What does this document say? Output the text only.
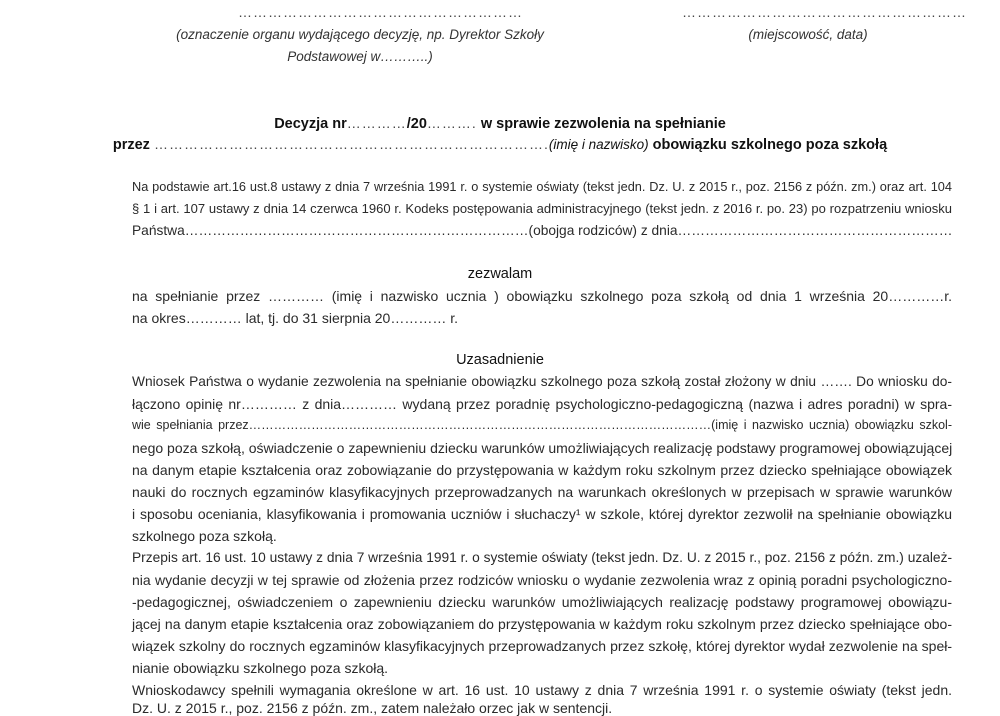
…………………………………………………
(oznaczenie organu wydającego decyzję, np. Dyrektor Szkoły
Podstawowej w………..)
…………………………………………………
(miejscowość, data)
Decyzja nr…………/20………. w sprawie zezwolenia na spełnianie
przez …………………………………………………………………….(imię i nazwisko) obowiązku szkolnego poza szkołą
Na podstawie art.16 ust.8 ustawy z dnia 7 września 1991 r. o systemie oświaty (tekst jedn. Dz. U. z 2015 r., poz. 2156 z późn. zm.) oraz art. 104
§ 1 i art. 107 ustawy z dnia 14 czerwca 1960 r. Kodeks postępowania administracyjnego (tekst jedn. z 2016 r. po. 23) po rozpatrzeniu wniosku
Państwa…………………………………………………………………(obojga rodziców) z dnia……………………………………………………
zezwalam
na spełnianie przez ………… (imię i nazwisko ucznia ) obowiązku szkolnego poza szkołą od dnia 1 września 20…………r.
na okres………… lat, tj. do 31 sierpnia 20………… r.
Uzasadnienie
Wniosek Państwa o wydanie zezwolenia na spełnianie obowiązku szkolnego poza szkołą został złożony w dniu ……. Do wniosku do-
łączono opinię nr………… z dnia………… wydaną przez poradnię psychologiczno-pedagogiczną (nazwa i adres poradni) w spra-
wie spełniania przez…………………………………………………………………………………………………(imię i nazwisko ucznia) obowiązku szkol-
nego poza szkołą, oświadczenie o zapewnieniu dziecku warunków umożliwiających realizację podstawy programowej obowiązującej
na danym etapie kształcenia oraz zobowiązanie do przystępowania w każdym roku szkolnym przez dziecko spełniające obowiązek
nauki do rocznych egzaminów klasyfikacyjnych przeprowadzanych na warunkach określonych w przepisach w sprawie warunków
i sposobu oceniania, klasyfikowania i promowania uczniów i słuchaczy¹ w szkole, której dyrektor zezwolił na spełnianie obowiązku
szkolnego poza szkołą.
Przepis art. 16 ust. 10 ustawy z dnia 7 września 1991 r. o systemie oświaty (tekst jedn. Dz. U. z 2015 r., poz. 2156 z późn. zm.) uzależ-
nia wydanie decyzji w tej sprawie od złożenia przez rodziców wniosku o wydanie zezwolenia wraz z opinią poradni psychologiczno-
-pedagogicznej, oświadczeniem o zapewnieniu dziecku warunków umożliwiających realizację podstawy programowej obowiązu-
jącej na danym etapie kształcenia oraz zobowiązaniem do przystępowania w każdym roku szkolnym przez dziecko spełniające obo-
wiązek szkolny do rocznych egzaminów klasyfikacyjnych przeprowadzanych przez szkołę, której dyrektor wydał zezwolenie na speł-
nianie obowiązku szkolnego poza szkołą.
Wnioskodawcy spełnili wymagania określone w art. 16 ust. 10 ustawy z dnia 7 września 1991 r. o systemie oświaty (tekst jedn.
Dz. U. z 2015 r., poz. 2156 z późn. zm., zatem należało orzec jak w sentencji.
